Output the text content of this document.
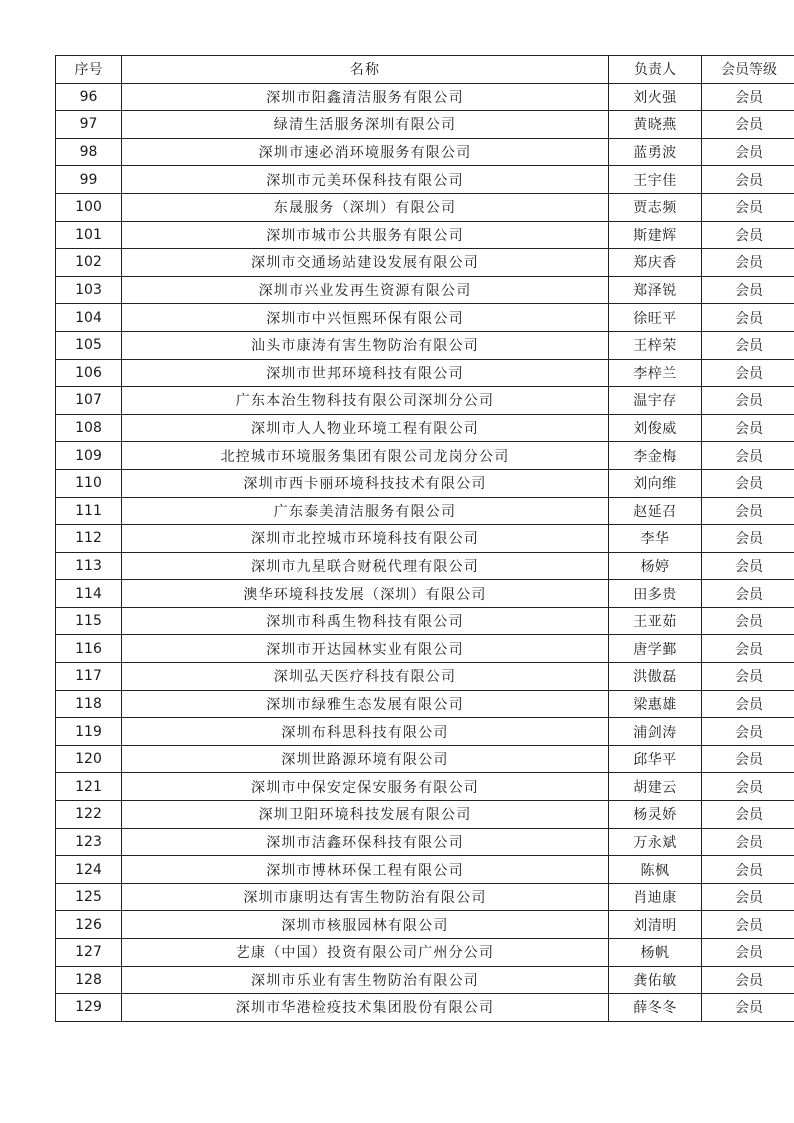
序号	名称	负责人	会员等级
96	深圳市阳鑫清洁服务有限公司	刘火强	会员
97	绿清生活服务深圳有限公司	黄晓燕	会员
98	深圳市速必消环境服务有限公司	蓝勇波	会员
99	深圳市元美环保科技有限公司	王宇佳	会员
100	东晟服务（深圳）有限公司	贾志频	会员
101	深圳市城市公共服务有限公司	斯建辉	会员
102	深圳市交通场站建设发展有限公司	郑庆香	会员
103	深圳市兴业发再生资源有限公司	郑泽锐	会员
104	深圳市中兴恒熙环保有限公司	徐旺平	会员
105	汕头市康涛有害生物防治有限公司	王梓荣	会员
106	深圳市世邦环境科技有限公司	李梓兰	会员
107	广东本治生物科技有限公司深圳分公司	温宇存	会员
108	深圳市人人物业环境工程有限公司	刘俊威	会员
109	北控城市环境服务集团有限公司龙岗分公司	李金梅	会员
110	深圳市西卡丽环境科技技术有限公司	刘向维	会员
111	广东泰美清洁服务有限公司	赵延召	会员
112	深圳市北控城市环境科技有限公司	李华	会员
113	深圳市九星联合财税代理有限公司	杨婷	会员
114	澳华环境科技发展（深圳）有限公司	田多贵	会员
115	深圳市科禹生物科技有限公司	王亚茹	会员
116	深圳市开达园林实业有限公司	唐学鄞	会员
117	深圳弘天医疗科技有限公司	洪傲磊	会员
118	深圳市绿雅生态发展有限公司	梁惠雄	会员
119	深圳布科思科技有限公司	浦剑涛	会员
120	深圳世路源环境有限公司	邱华平	会员
121	深圳市中保安定保安服务有限公司	胡建云	会员
122	深圳卫阳环境科技发展有限公司	杨灵娇	会员
123	深圳市洁鑫环保科技有限公司	万永斌	会员
124	深圳市博林环保工程有限公司	陈枫	会员
125	深圳市康明达有害生物防治有限公司	肖迪康	会员
126	深圳市核服园林有限公司	刘清明	会员
127	艺康（中国）投资有限公司广州分公司	杨帆	会员
128	深圳市乐业有害生物防治有限公司	龚佑敏	会员
129	深圳市华港检疫技术集团股份有限公司	薛冬冬	会员
